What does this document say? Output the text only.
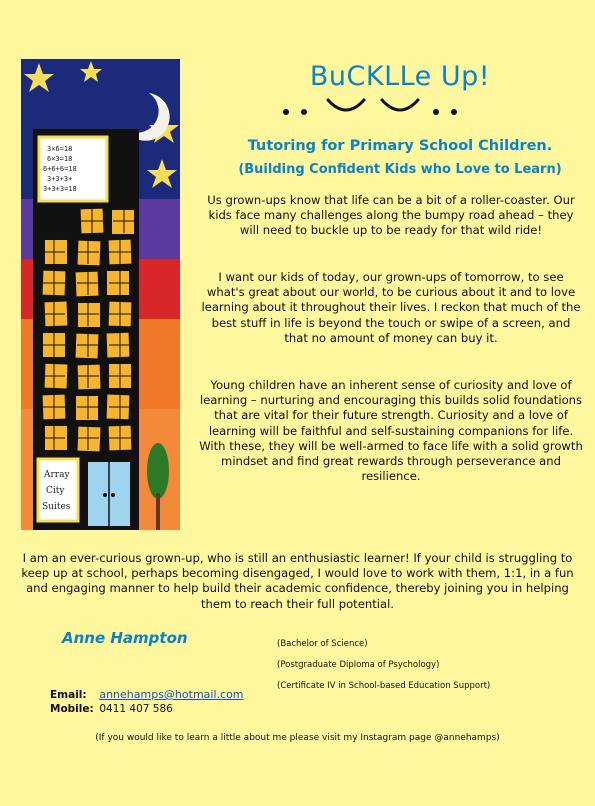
3×6=18
6×3=18
6+6+6=18
3+3+3+
3+3+3=18
Array
City
Suites
BuCKLLe Up!
Tutoring for Primary School Children.
(Building Confident Kids who Love to Learn)

Us grown-ups know that life can be a bit of a roller-coaster. Our kids face many challenges along the bumpy road ahead – they will need to buckle up to be ready for that wild ride!

I want our kids of today, our grown-ups of tomorrow, to see what's great about our world, to be curious about it and to love learning about it throughout their lives. I reckon that much of the best stuff in life is beyond the touch or swipe of a screen, and that no amount of money can buy it.

Young children have an inherent sense of curiosity and love of learning – nurturing and encouraging this builds solid foundations that are vital for their future strength. Curiosity and a love of learning will be faithful and self-sustaining companions for life. With these, they will be well-armed to face life with a solid growth mindset and find great rewards through perseverance and resilience.

I am an ever-curious grown-up, who is still an enthusiastic learner! If your child is struggling to keep up at school, perhaps becoming disengaged, I would love to work with them, 1:1, in a fun and engaging manner to help build their academic confidence, thereby joining you in helping them to reach their full potential.

Anne Hampton	(Bachelor of Science)
(Postgraduate Diploma of Psychology)
(Certificate IV in School-based Education Support)
Email: annehamps@hotmail.com
Mobile: 0411 407 586
(If you would like to learn a little about me please visit my Instagram page @annehamps)
